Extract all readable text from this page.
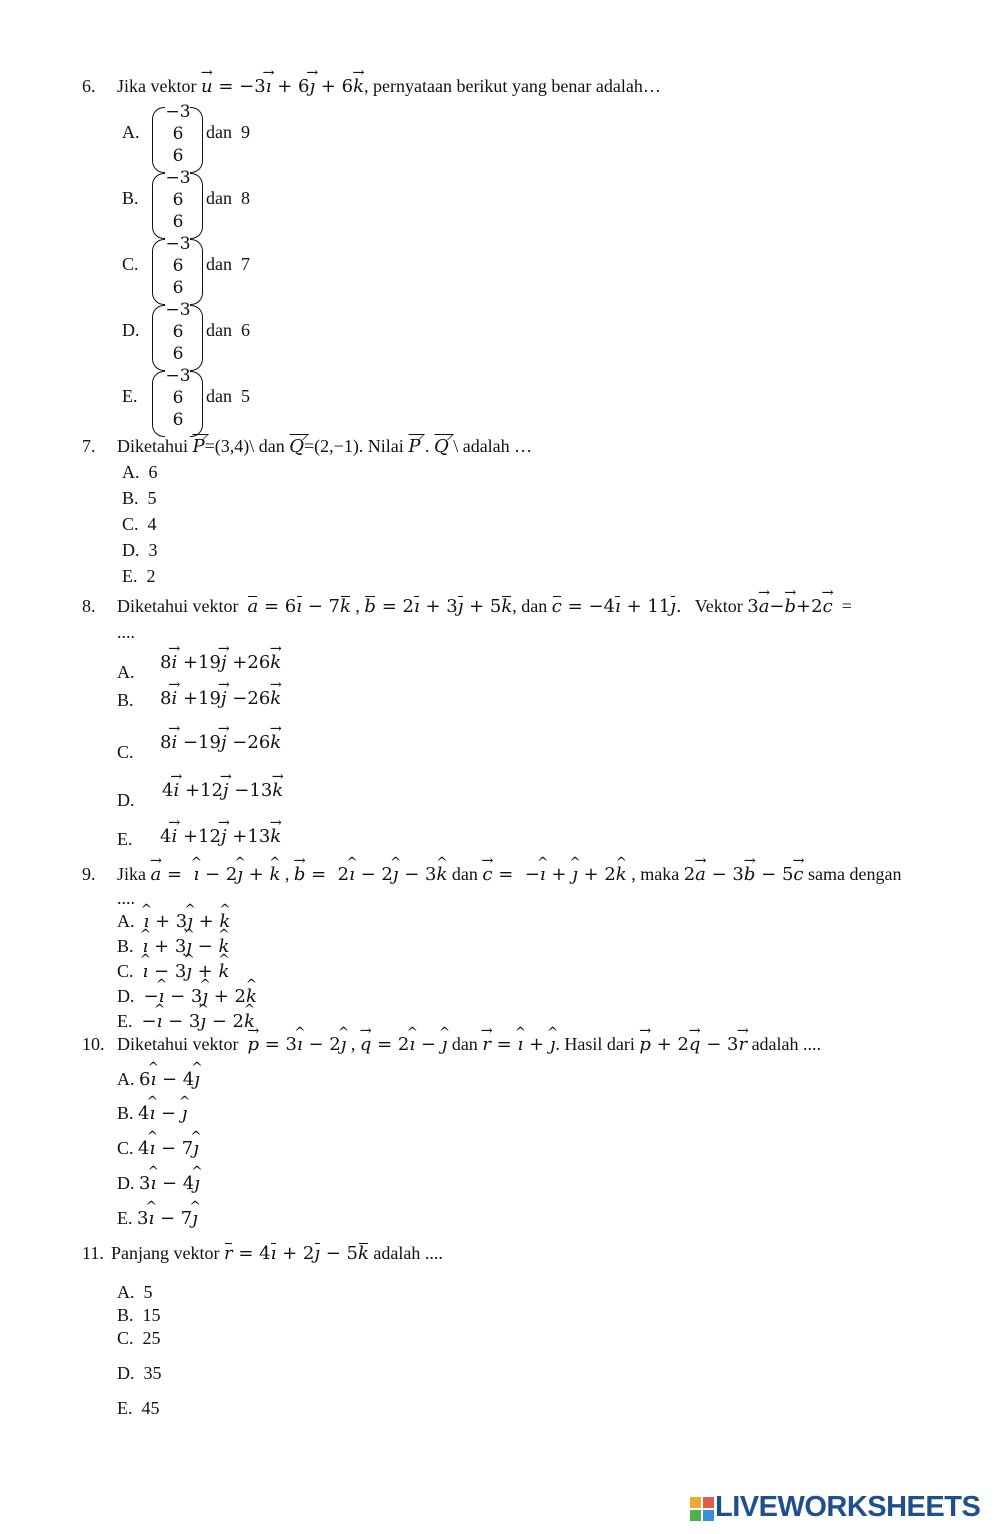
6. Jika vektor → u = −3→ ı + 6→ ȷ + 6→ k, pernyataan berikut yang benar adalah…
A.
−3
6
6
dan 9
B.
−3
6
6
dan 8
C.
−3
6
6
dan 7
D.
−3
6
6
dan 6
E.
−3
6
6
dan 5
7. Diketahui P=(3,4)\ dan Q=(2,−1). Nilai P . Q \ adalah …
A. 6
B. 5
C. 4
D. 3
E. 2
8. Diketahui vektor a = 6ı − 7k , b = 2ı + 3ȷ + 5k, dan c = −4ı + 11ȷ. Vektor 3→ a−→ b+2→ c  =
....
A. 8→ i +19→ j +26→ k
B. 8→ i +19→ j −26→ k
C. 8→ i −19→ j −26→ k
D. 4→ i +12→ j −13→ k
E. 4→ i +12→ j +13→ k
9. Jika → a = ^ ı − 2^ ȷ + ^ k , → b = 2^ ı − 2^ ȷ − 3^ k dan → c = −^ ı + ^ ȷ + 2^ k , maka 2→ a − 3→ b − 5→ c sama dengan
....
A. ^ ı + 3^ ȷ + ^ k
B. ^ ı + 3^ ȷ − ^ k
C. ^ ı − 3^ ȷ + ^ k
D. −^ ı − 3^ ȷ + 2^ k
E. −^ ı − 3^ ȷ − 2^ k
10. Diketahui vektor → p = 3^ ı − 2^ ȷ , → q = 2^ ı − ^ ȷ dan → r = ^ ı + ^ ȷ. Hasil dari → p + 2→ q − 3→ r adalah ....
A. 6^ ı − 4^ ȷ
B. 4^ ı − ^ ȷ
C. 4^ ı − 7^ ȷ
D. 3^ ı − 4^ ȷ
E. 3^ ı − 7^ ȷ
11. Panjang vektor r = 4ı + 2ȷ − 5k adalah ....
A. 5
B. 15
C. 25
D. 35
E. 45
LIVEWORKSHEETS
